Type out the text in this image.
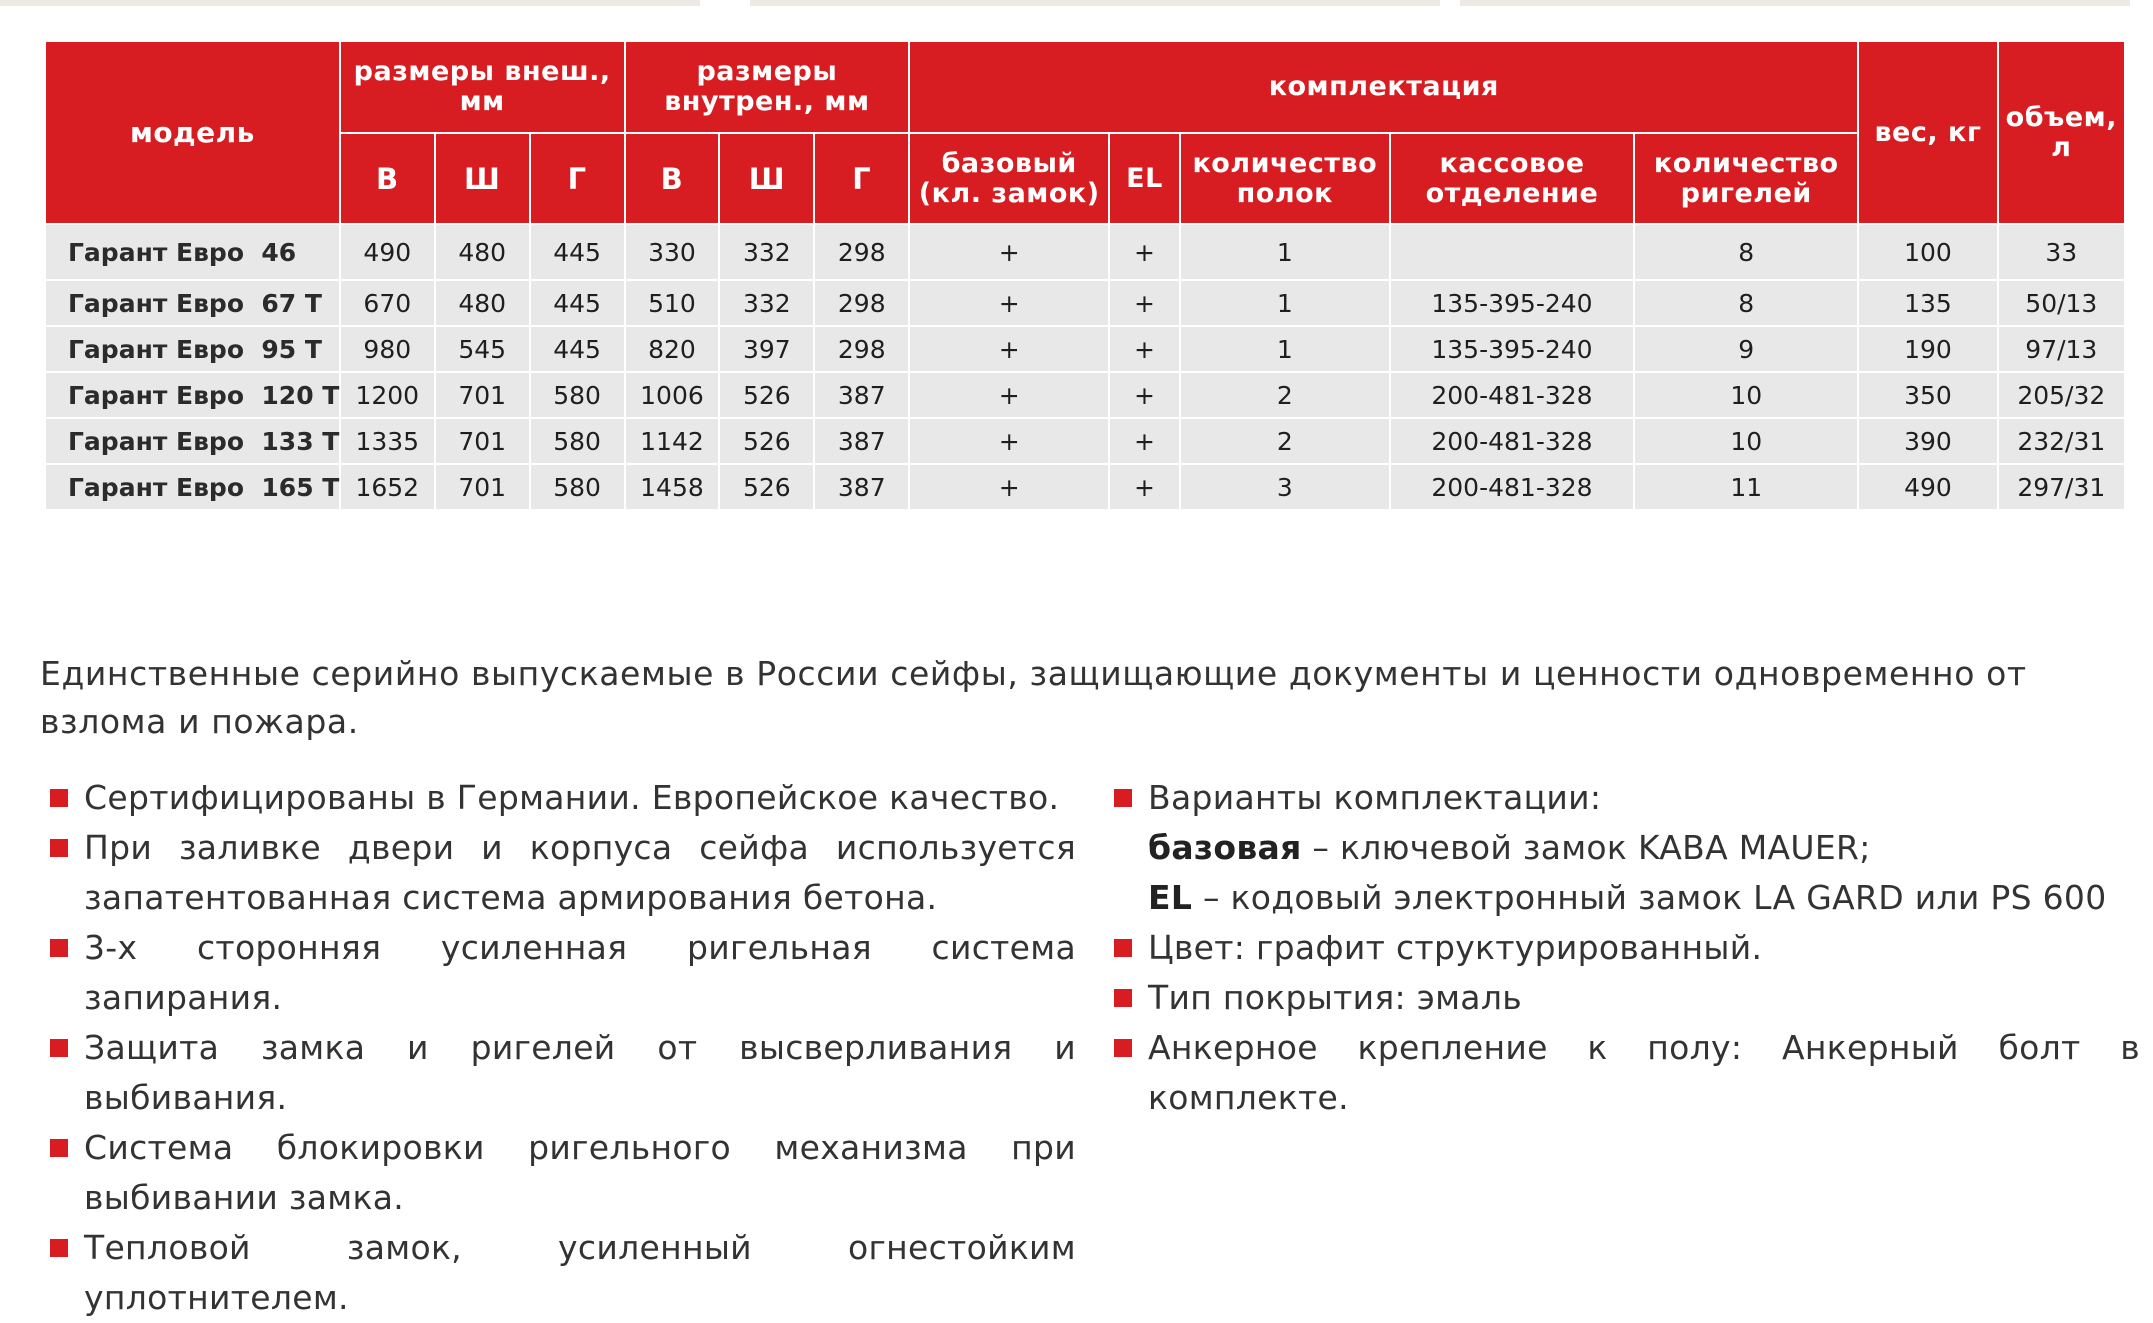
модель	размеры внеш., мм			размеры внутрен., мм			комплектация					вес, кг	объем, л
	В	Ш	Г	В	Ш	Г	базовый (кл. замок)	EL	количество полок	кассовое отделение	количество ригелей		
Гарант Евро  46	490	480	445	330	332	298	+	+	1		8	100	33
Гарант Евро  67 Т	670	480	445	510	332	298	+	+	1	135-395-240	8	135	50/13
Гарант Евро  95 Т	980	545	445	820	397	298	+	+	1	135-395-240	9	190	97/13
Гарант Евро  120 Т	1200	701	580	1006	526	387	+	+	2	200-481-328	10	350	205/32
Гарант Евро  133 Т	1335	701	580	1142	526	387	+	+	2	200-481-328	10	390	232/31
Гарант Евро  165 Т	1652	701	580	1458	526	387	+	+	3	200-481-328	11	490	297/31

Единственные серийно выпускаемые в России сейфы, защищающие документы и ценности одновременно от взлома и пожара.

Сертифицированы в Германии. Европейское качество.
При заливке двери и корпуса сейфа используется запатентованная система армирования бетона.
3-х сторонняя усиленная ригельная система запирания.
Защита замка и ригелей от высверливания и выбивания.
Система блокировки ригельного механизма при выбивании замка.
Тепловой замок, усиленный огнестойким уплотнителем.
Варианты комплектации:
базовая – ключевой замок KABA MAUER;
EL – кодовый электронный замок LA GARD или PS 600
Цвет: графит структурированный.
Тип покрытия: эмаль
Анкерное крепление к полу: Анкерный болт в комплекте.
